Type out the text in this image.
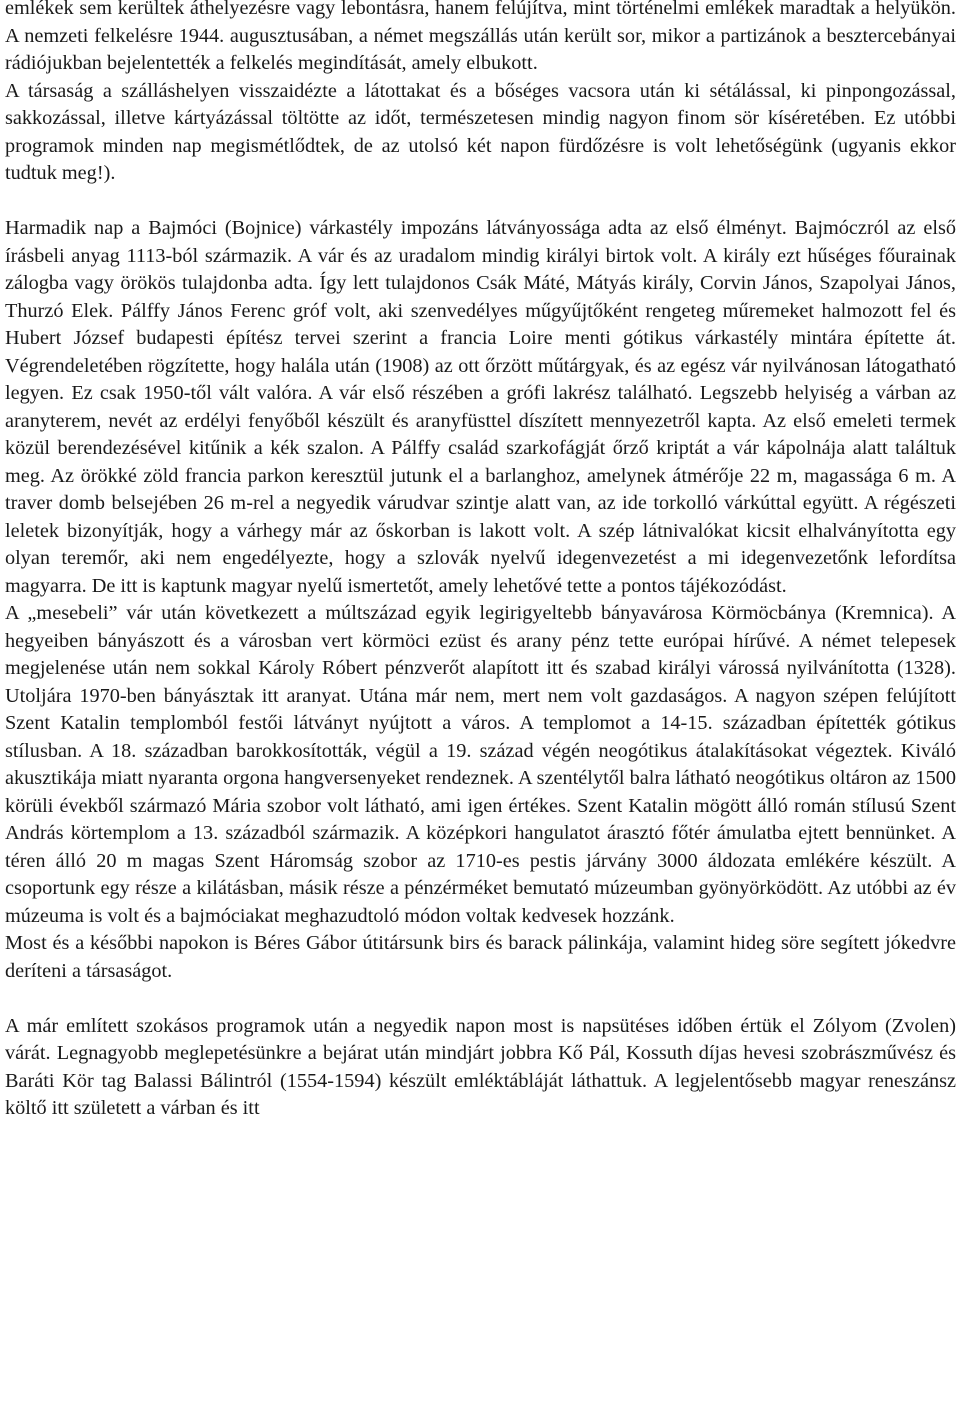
emlékek sem kerültek áthelyezésre vagy lebontásra, hanem felújítva, mint történelmi emlékek maradtak a helyükön. A nemzeti felkelésre 1944. augusztusában, a német megszállás után került sor, mikor a partizánok a besztercebányai rádiójukban bejelentették a felkelés megindítását, amely elbukott.

A társaság a szálláshelyen visszaidézte a látottakat és a bőséges vacsora után ki sétálással, ki pinpongozással, sakkozással, illetve kártyázással töltötte az időt, természetesen mindig nagyon finom sör kíséretében. Ez utóbbi programok minden nap megismétlődtek, de az utolsó két napon fürdőzésre is volt lehetőségünk (ugyanis ekkor tudtuk meg!).

Harmadik nap a Bajmóci (Bojnice) várkastély impozáns látványossága adta az első élményt. Bajmóczról az első írásbeli anyag 1113-ból származik. A vár és az uradalom mindig királyi birtok volt. A király ezt hűséges főurainak zálogba vagy örökös tulajdonba adta. Így lett tulajdonos Csák Máté, Mátyás király, Corvin János, Szapolyai János, Thurzó Elek. Pálffy János Ferenc gróf volt, aki szenvedélyes műgyűjtőként rengeteg műremeket halmozott fel és Hubert József budapesti építész tervei szerint a francia Loire menti gótikus várkastély mintára építette át. Végrendeletében rögzítette, hogy halála után (1908) az ott őrzött műtárgyak, és az egész vár nyilvánosan látogatható legyen. Ez csak 1950-től vált valóra. A vár első részében a grófi lakrész található. Legszebb helyiség a várban az aranyterem, nevét az erdélyi fenyőből készült és aranyfüsttel díszített mennyezetről kapta. Az első emeleti termek közül berendezésével kitűnik a kék szalon. A Pálffy család szarkofágját őrző kriptát a vár kápolnája alatt találtuk meg. Az örökké zöld francia parkon keresztül jutunk el a barlanghoz, amelynek átmérője 22 m, magassága 6 m. A traver domb belsejében 26 m-rel a negyedik várudvar szintje alatt van, az ide torkolló várkúttal együtt. A régészeti leletek bizonyítják, hogy a várhegy már az őskorban is lakott volt. A szép látnivalókat kicsit elhalványította egy olyan teremőr, aki nem engedélyezte, hogy a szlovák nyelvű idegenvezetést a mi idegenvezetőnk lefordítsa magyarra. De itt is kaptunk magyar nyelű ismertetőt, amely lehetővé tette a pontos tájékozódást.

A „mesebeli” vár után következett a múltszázad egyik legirigyeltebb bányavárosa Körmöcbánya (Kremnica). A hegyeiben bányászott és a városban vert körmöci ezüst és arany pénz tette európai hírűvé. A német telepesek megjelenése után nem sokkal Károly Róbert pénzverőt alapított itt és szabad királyi várossá nyilvánította (1328). Utoljára 1970-ben bányásztak itt aranyat. Utána már nem, mert nem volt gazdaságos. A nagyon szépen felújított Szent Katalin templomból festői látványt nyújtott a város. A templomot a 14-15. században építették gótikus stílusban. A 18. században barokkosították, végül a 19. század végén neogótikus átalakításokat végeztek. Kiváló akusztikája miatt nyaranta orgona hangversenyeket rendeznek. A szentélytől balra látható neogótikus oltáron az 1500 körüli évekből származó Mária szobor volt látható, ami igen értékes. Szent Katalin mögött álló román stílusú Szent András körtemplom a 13. századból származik. A középkori hangulatot árasztó főtér ámulatba ejtett bennünket. A téren álló 20 m magas Szent Háromság szobor az 1710-es pestis járvány 3000 áldozata emlékére készült. A csoportunk egy része a kilátásban, másik része a pénzérméket bemutató múzeumban gyönyörködött. Az utóbbi az év múzeuma is volt és a bajmóciakat meghazudtoló módon voltak kedvesek hozzánk.

Most és a későbbi napokon is Béres Gábor útitársunk birs és barack pálinkája, valamint hideg söre segített jókedvre deríteni a társaságot.

A már említett szokásos programok után a negyedik napon most is napsütéses időben értük el Zólyom (Zvolen) várát. Legnagyobb meglepetésünkre a bejárat után mindjárt jobbra Kő Pál, Kossuth díjas hevesi szobrászművész és Baráti Kör tag Balassi Bálintról (1554-1594) készült emléktábláját láthattuk. A legjelentősebb magyar reneszánsz költő itt született a várban és itt
